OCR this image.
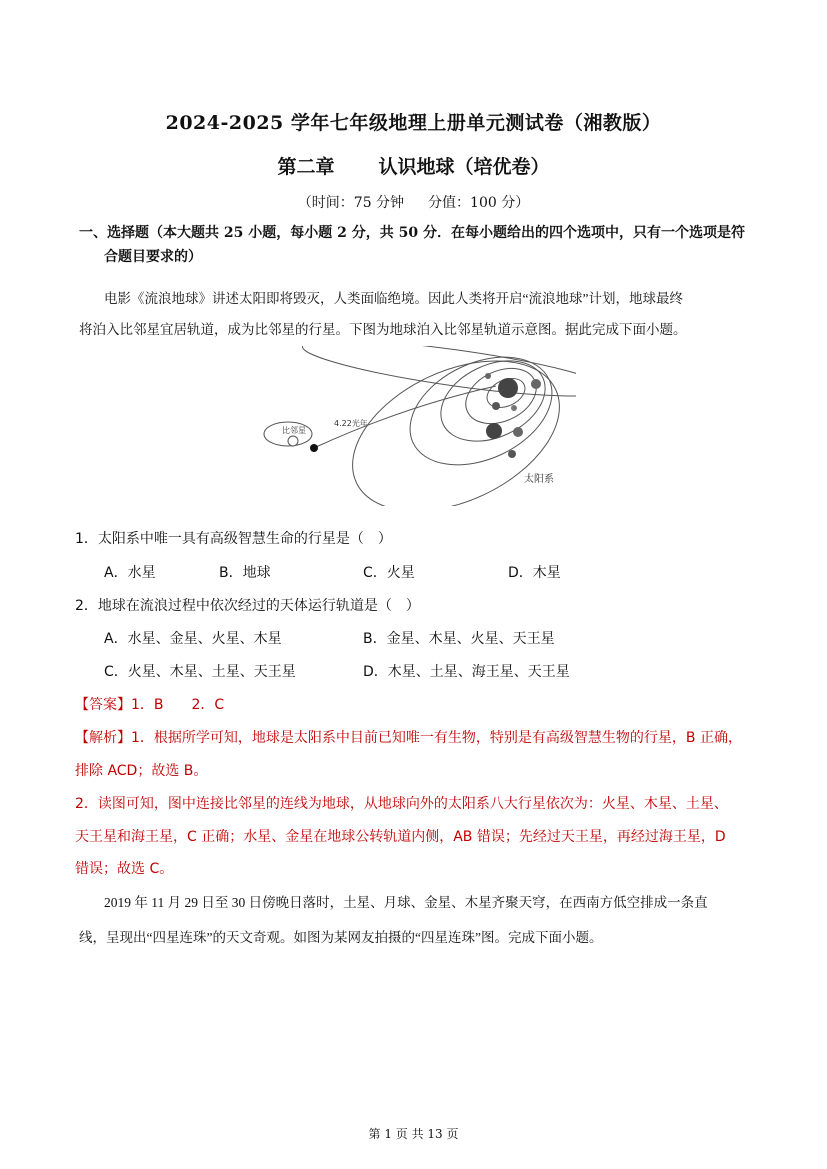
2024-2025 学年七年级地理上册单元测试卷（湘教版）
第二章 认识地球（培优卷）
（时间：75 分钟 分值：100 分）
一、选择题（本大题共 25 小题，每小题 2 分，共 50 分．在每小题给出的四个选项中，只有一个选项是符
合题目要求的）
电影《流浪地球》讲述太阳即将毁灭，人类面临绝境。因此人类将开启“流浪地球”计划，地球最终
将泊入比邻星宜居轨道，成为比邻星的行星。下图为地球泊入比邻星轨道示意图。据此完成下面小题。
比邻星
4.22光年
太阳系
1．太阳系中唯一具有高级智慧生命的行星是（　）
A．水星	B．地球	C．火星	D．木星
2．地球在流浪过程中依次经过的天体运行轨道是（　）
A．水星、金星、火星、木星	B．金星、木星、火星、天王星
C．火星、木星、土星、天王星	D．木星、土星、海王星、天王星
【答案】1．B　　2．C
【解析】1．根据所学可知，地球是太阳系中目前已知唯一有生物，特别是有高级智慧生物的行星，B 正确，
排除 ACD；故选 B。
2．读图可知，图中连接比邻星的连线为地球，从地球向外的太阳系八大行星依次为：火星、木星、土星、
天王星和海王星，C 正确；水星、金星在地球公转轨道内侧，AB 错误；先经过天王星，再经过海王星，D
错误；故选 C。
2019 年 11 月 29 日至 30 日傍晚日落时，土星、月球、金星、木星齐聚天穹，在西南方低空排成一条直
线，呈现出“四星连珠”的天文奇观。如图为某网友拍摄的“四星连珠”图。完成下面小题。
第 1 页 共 13 页
